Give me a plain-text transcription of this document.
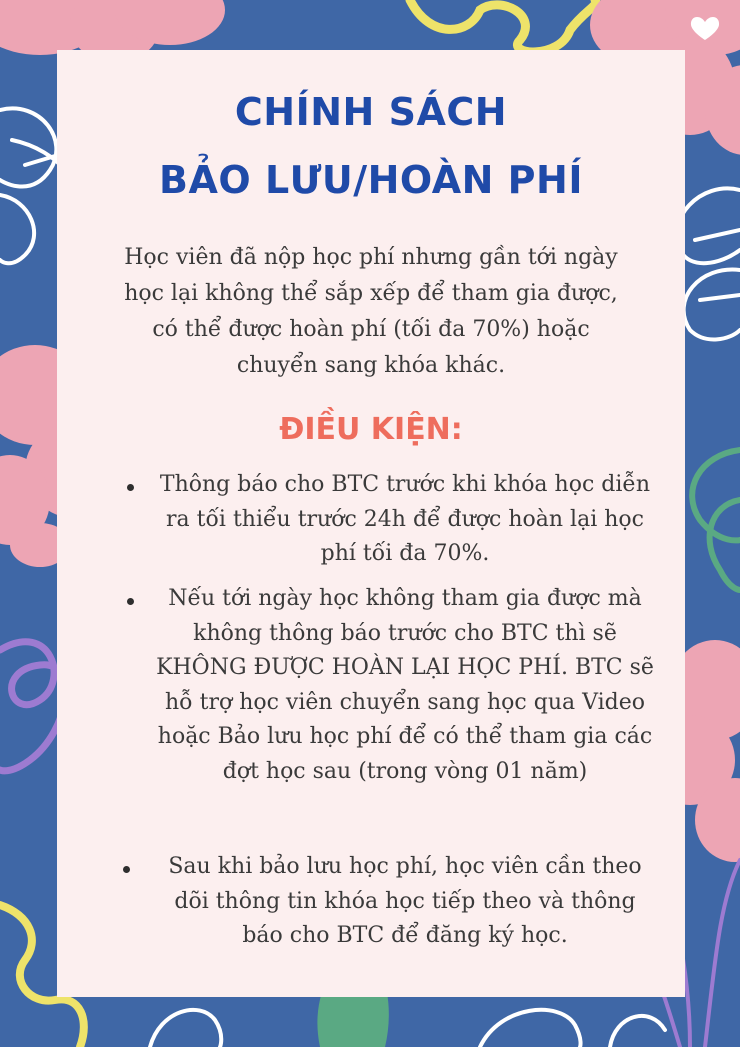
CHÍNH SÁCH
BẢO LƯU/HOÀN PHÍ

Học viên đã nộp học phí nhưng gần tới ngày học lại không thể sắp xếp để tham gia được, có thể được hoàn phí (tối đa 70%) hoặc chuyển sang khóa khác.

ĐIỀU KIỆN:
Thông báo cho BTC trước khi khóa học diễn ra tối thiểu trước 24h để được hoàn lại học phí tối đa 70%.
Nếu tới ngày học không tham gia được mà không thông báo trước cho BTC thì sẽ KHÔNG ĐƯỢC HOÀN LẠI HỌC PHÍ. BTC sẽ hỗ trợ học viên chuyển sang học qua Video hoặc Bảo lưu học phí để có thể tham gia các đợt học sau (trong vòng 01 năm)
Sau khi bảo lưu học phí, học viên cần theo dõi thông tin khóa học tiếp theo và thông báo cho BTC để đăng ký học.
